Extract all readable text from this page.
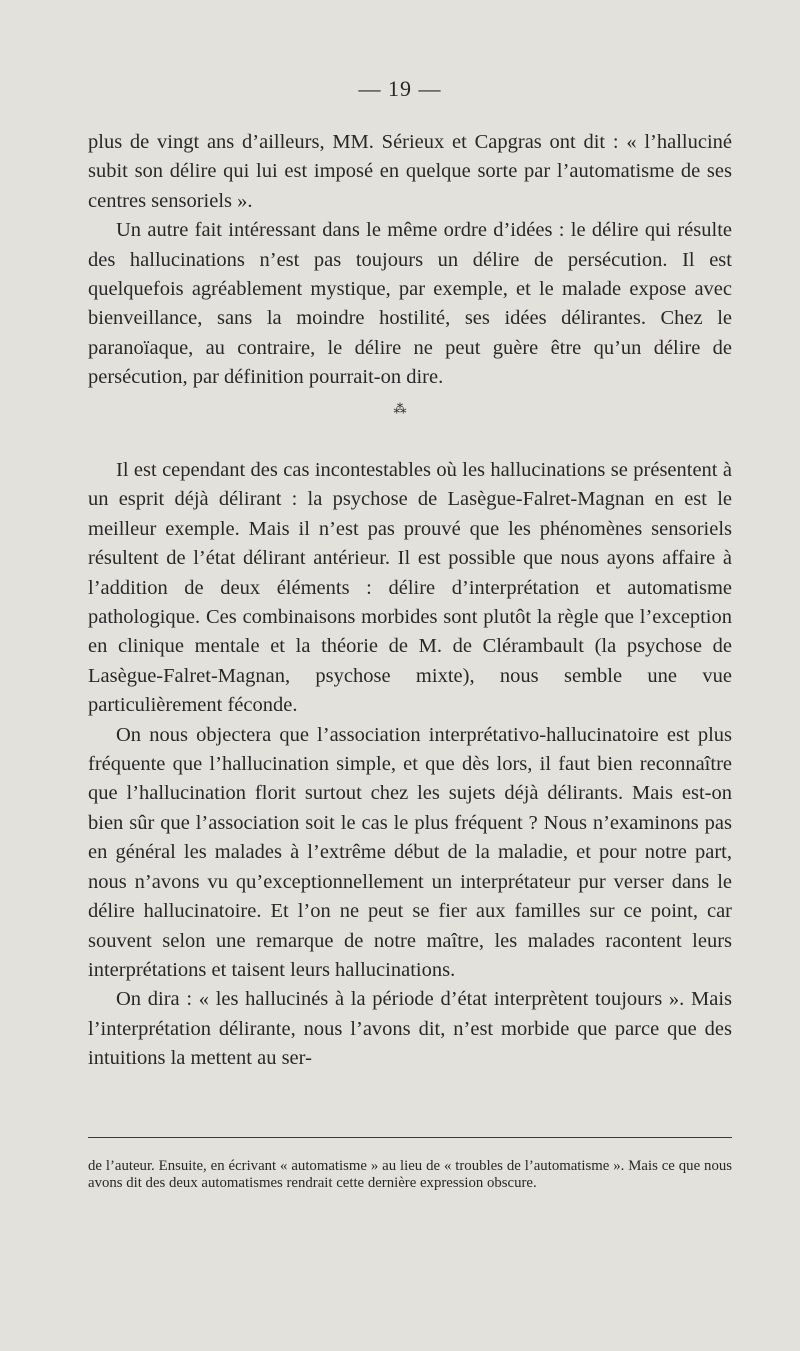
— 19 —

plus de vingt ans d’ailleurs, MM. Sérieux et Capgras ont dit : « l’halluciné subit son délire qui lui est imposé en quelque sorte par l’automatisme de ses centres sensoriels ».

Un autre fait intéressant dans le même ordre d’idées : le délire qui résulte des hallucinations n’est pas toujours un délire de persécution. Il est quelquefois agréablement mystique, par exemple, et le malade expose avec bienveillance, sans la moindre hostilité, ses idées délirantes. Chez le paranoïaque, au contraire, le délire ne peut guère être qu’un délire de persécution, par définition pourrait-on dire.

⁂

Il est cependant des cas incontestables où les hallucinations se présentent à un esprit déjà délirant : la psychose de Lasègue-Falret-Magnan en est le meilleur exemple. Mais il n’est pas prouvé que les phénomènes sensoriels résultent de l’état délirant antérieur. Il est possible que nous ayons affaire à l’addition de deux éléments : délire d’interprétation et automatisme pathologique. Ces combinaisons morbides sont plutôt la règle que l’exception en clinique mentale et la théorie de M. de Clérambault (la psychose de Lasègue-Falret-Magnan, psychose mixte), nous semble une vue particulièrement féconde.

On nous objectera que l’association interprétativo-hallucinatoire est plus fréquente que l’hallucination simple, et que dès lors, il faut bien reconnaître que l’hallucination florit surtout chez les sujets déjà délirants. Mais est-on bien sûr que l’association soit le cas le plus fréquent ? Nous n’examinons pas en général les malades à l’extrême début de la maladie, et pour notre part, nous n’avons vu qu’exceptionnellement un interprétateur pur verser dans le délire hallucinatoire. Et l’on ne peut se fier aux familles sur ce point, car souvent selon une remarque de notre maître, les malades racontent leurs interprétations et taisent leurs hallucinations.

On dira : « les hallucinés à la période d’état interprètent toujours ». Mais l’interprétation délirante, nous l’avons dit, n’est morbide que parce que des intuitions la mettent au ser-

de l’auteur. Ensuite, en écrivant « automatisme » au lieu de « troubles de l’automatisme ». Mais ce que nous avons dit des deux automatismes rendrait cette dernière expression obscure.
